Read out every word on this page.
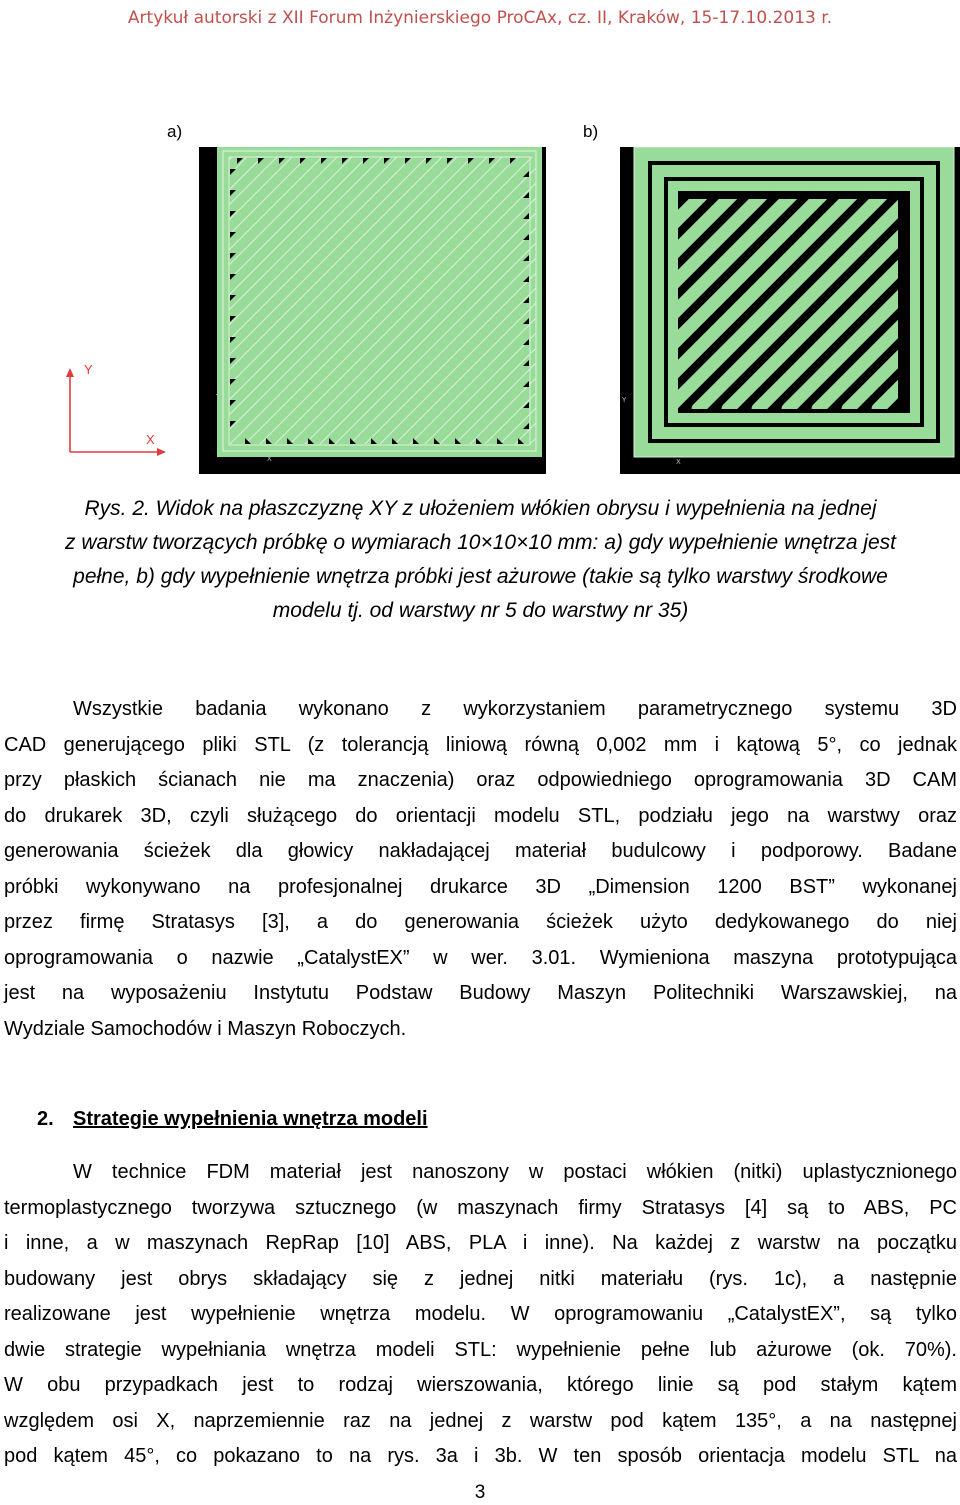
Artykuł autorski z XII Forum Inżynierskiego ProCAx, cz. II, Kraków, 15-17.10.2013 r.
a)	b)
Y
X
Y
X
Y
X
Rys. 2. Widok na płaszczyznę XY z ułożeniem włókien obrysu i wypełnienia na jednej
z warstw tworzących próbkę o wymiarach 10×10×10 mm: a) gdy wypełnienie wnętrza jest
pełne, b) gdy wypełnienie wnętrza próbki jest ażurowe (takie są tylko warstwy środkowe
modelu tj. od warstwy nr 5 do warstwy nr 35)
Wszystkie badania wykonano z wykorzystaniem parametrycznego systemu 3D
CAD generującego pliki STL (z tolerancją liniową równą 0,002 mm i kątową 5°, co jednak
przy płaskich ścianach nie ma znaczenia) oraz odpowiedniego oprogramowania 3D CAM
do drukarek 3D, czyli służącego do orientacji modelu STL, podziału jego na warstwy oraz
generowania ścieżek dla głowicy nakładającej materiał budulcowy i podporowy. Badane
próbki wykonywano na profesjonalnej drukarce 3D „Dimension 1200 BST” wykonanej
przez firmę Stratasys [3], a do generowania ścieżek użyto dedykowanego do niej
oprogramowania o nazwie „CatalystEX” w wer. 3.01. Wymieniona maszyna prototypująca
jest na wyposażeniu Instytutu Podstaw Budowy Maszyn Politechniki Warszawskiej, na
Wydziale Samochodów i Maszyn Roboczych.
2. Strategie wypełnienia wnętrza modeli
W technice FDM materiał jest nanoszony w postaci włókien (nitki) uplastycznionego
termoplastycznego tworzywa sztucznego (w maszynach firmy Stratasys [4] są to ABS, PC
i inne, a w maszynach RepRap [10] ABS, PLA i inne). Na każdej z warstw na początku
budowany jest obrys składający się z jednej nitki materiału (rys. 1c), a następnie
realizowane jest wypełnienie wnętrza modelu. W oprogramowaniu „CatalystEX”, są tylko
dwie strategie wypełniania wnętrza modeli STL: wypełnienie pełne lub ażurowe (ok. 70%).
W obu przypadkach jest to rodzaj wierszowania, którego linie są pod stałym kątem
względem osi X, naprzemiennie raz na jednej z warstw pod kątem 135°, a na następnej
pod kątem 45°, co pokazano to na rys. 3a i 3b. W ten sposób orientacja modelu STL na
3
